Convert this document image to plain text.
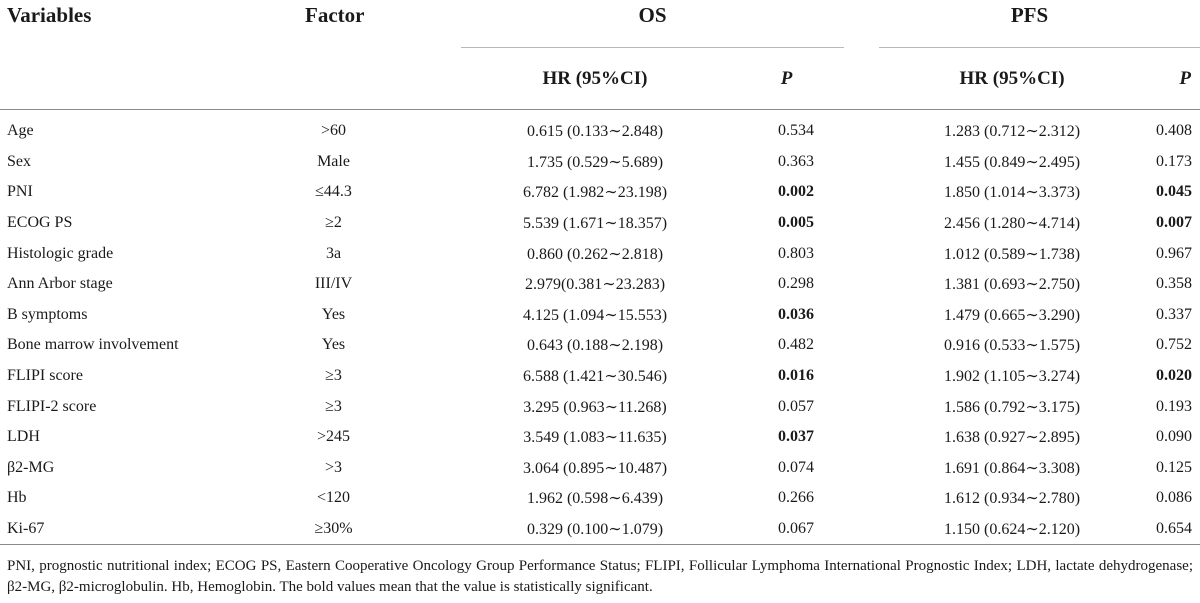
Variables	Factor	OS			PFS	
		HR (95%CI)	P		HR (95%CI)	P
Age	>60	0.615 (0.133∼2.848)	0.534		1.283 (0.712∼2.312)	0.408
Sex	Male	1.735 (0.529∼5.689)	0.363		1.455 (0.849∼2.495)	0.173
PNI	≤44.3	6.782 (1.982∼23.198)	0.002		1.850 (1.014∼3.373)	0.045
ECOG PS	≥2	5.539 (1.671∼18.357)	0.005		2.456 (1.280∼4.714)	0.007
Histologic grade	3a	0.860 (0.262∼2.818)	0.803		1.012 (0.589∼1.738)	0.967
Ann Arbor stage	III/IV	2.979(0.381∼23.283)	0.298		1.381 (0.693∼2.750)	0.358
B symptoms	Yes	4.125 (1.094∼15.553)	0.036		1.479 (0.665∼3.290)	0.337
Bone marrow involvement	Yes	0.643 (0.188∼2.198)	0.482		0.916 (0.533∼1.575)	0.752
FLIPI score	≥3	6.588 (1.421∼30.546)	0.016		1.902 (1.105∼3.274)	0.020
FLIPI-2 score	≥3	3.295 (0.963∼11.268)	0.057		1.586 (0.792∼3.175)	0.193
LDH	>245	3.549 (1.083∼11.635)	0.037		1.638 (0.927∼2.895)	0.090
β2-MG	>3	3.064 (0.895∼10.487)	0.074		1.691 (0.864∼3.308)	0.125
Hb	<120	1.962 (0.598∼6.439)	0.266		1.612 (0.934∼2.780)	0.086
Ki-67	≥30%	0.329 (0.100∼1.079)	0.067		1.150 (0.624∼2.120)	0.654
PNI, prognostic nutritional index; ECOG PS, Eastern Cooperative Oncology Group Performance Status; FLIPI, Follicular Lymphoma International Prognostic Index; LDH, lactate dehydrogenase; β2-MG, β2-microglobulin. Hb, Hemoglobin. The bold values mean that the value is statistically significant.
